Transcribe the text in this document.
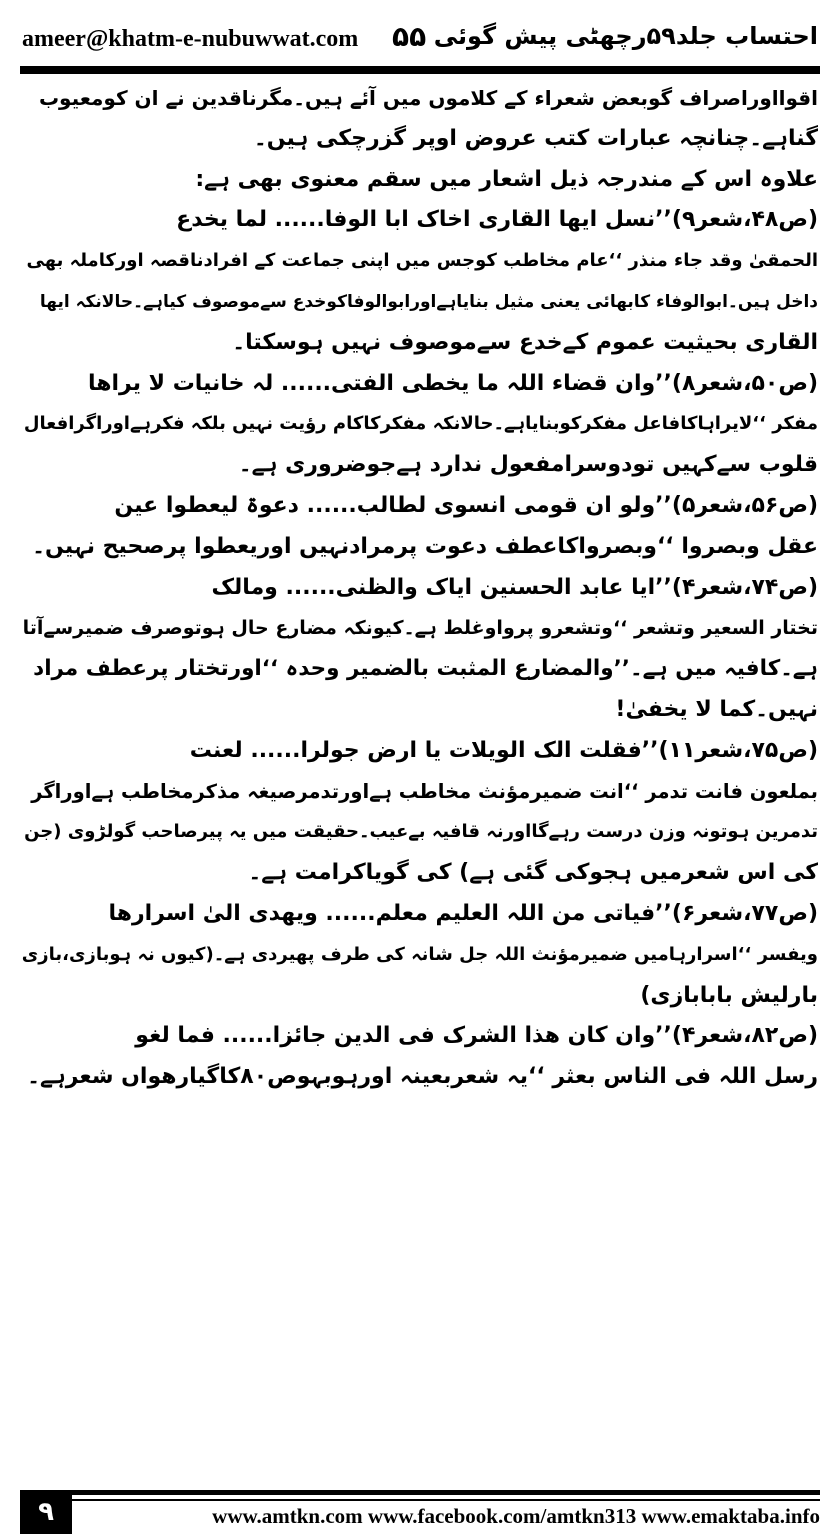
ameer@khatm-e-nubuwwat.com ۵۵ احتساب جلد۵۹رچھٹی پیش گوئی
اقوااوراصراف گوبعض شعراء کے کلاموں میں آئے ہیں۔مگرناقدین نے ان کومعیوب
گناہے۔چنانچہ عبارات کتب عروض اوپر گزرچکی ہیں۔
علاوہ اس کے مندرجہ ذیل اشعار میں سقم معنوی بھی ہے:
(ص۴۸،شعر۹)’’نسل ایھا القاری اخاک ابا الوفا...... لما یخدع
الحمقیٰ وقد جاء منذر ‘‘عام مخاطب کوجس میں اپنی جماعت کے افرادناقصہ اورکاملہ بھی
داخل ہیں۔ابوالوفاء کابھائی یعنی مثیل بنایاہےاورابوالوفاکوخدع سےموصوف کیاہے۔حالانکہ ایھا
القاری بحیثیت عموم کےخدع سےموصوف نہیں ہوسکتا۔
(ص۵۰،شعر۸)’’وان قضاء اللہ ما یخطی الفتی...... لہ خانیات لا یراھا
مفکر ‘‘لایراہاکافاعل مفکرکوبنایاہے۔حالانکہ مفکرکاکام رؤیت نہیں بلکہ فکرہےاوراگرافعال
قلوب سےکہیں تودوسرامفعول ندارد ہےجوضروری ہے۔
(ص۵۶،شعر۵)’’ولو ان قومی انسوی لطالب...... دعوۃ لیعطوا عین
عقل وبصروا ‘‘وبصرواکاعطف دعوت پرمرادنہیں اوریعطوا پرصحیح نہیں۔
(ص۷۴،شعر۴)’’ایا عابد الحسنین ایاک والظنی...... ومالک
تختار السعیر وتشعر ‘‘وتشعرو پرواوغلط ہے۔کیونکہ مضارع حال ہوتوصرف ضمیرسےآتا
ہے۔کافیہ میں ہے۔’’والمضارع المثبت بالضمیر وحدہ ‘‘اورتختار پرعطف مراد
نہیں۔کما لا یخفیٰ!
(ص۷۵،شعر۱۱)’’فقلت الک الویلات یا ارض جولرا...... لعنت
بملعون فانت تدمر ‘‘انت ضمیرمؤنث مخاطب ہےاورتدمرصیغہ مذکرمخاطب ہےاوراگر
تدمرین ہوتونہ وزن درست رہےگااورنہ قافیہ بےعیب۔حقیقت میں یہ پیرصاحب گولڑوی (جن
کی اس شعرمیں ہجوکی گئی ہے) کی گویاکرامت ہے۔
(ص۷۷،شعر۶)’’فیاتی من اللہ العلیم معلم...... ویھدی الیٰ اسرارھا
ویفسر ‘‘اسرارہامیں ضمیرمؤنث اللہ جل شانہ کی طرف پھیردی ہے۔(کیوں نہ ہوبازی،بازی
بارلیش بابابازی)
(ص۸۲،شعر۴)’’وان کان ھذا الشرک فی الدین جائزا...... فما لغو
رسل اللہ فی الناس بعثر ‘‘یہ شعربعینہ اورہوبہوص۸۰کاگیارھواں شعرہے۔
۹	www.amtkn.com www.facebook.com/amtkn313 www.emaktaba.info
